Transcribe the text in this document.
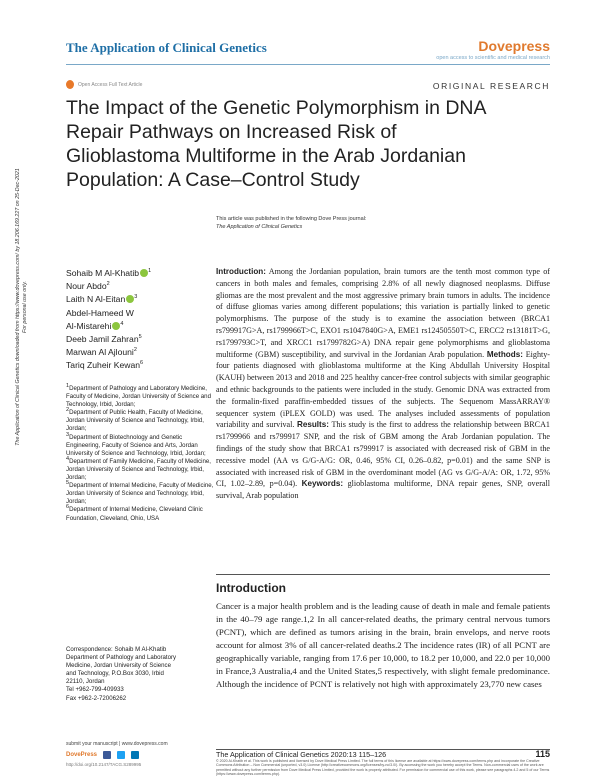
The Application of Clinical Genetics	Dovepress
open access to scientific and medical research
Open Access Full Text Article	ORIGINAL RESEARCH
The Impact of the Genetic Polymorphism in DNA Repair Pathways on Increased Risk of Glioblastoma Multiforme in the Arab Jordanian Population: A Case–Control Study
The Application of Clinical Genetics downloaded from https://www.dovepress.com/ by 18.206.169.227 on 25-Dec-2021 For personal use only.
This article was published in the following Dove Press journal:
The Application of Clinical Genetics
Sohaib M Al-Khatib $^1$
Nour Abdo$^2$
Laith N Al-Eitan $^3$
Abdel-Hameed W
Al-Mistarehi $^4$
Deeb Jamil Zahran$^5$
Marwan Al Ajlouni$^2$
Tariq Zuheir Kewan$^6$
$^1$Department of Pathology and Laboratory Medicine, Faculty of Medicine, Jordan University of Science and Technology, Irbid, Jordan;
$^2$Department of Public Health, Faculty of Medicine, Jordan University of Science and Technology, Irbid, Jordan;
$^3$Department of Biotechnology and Genetic Engineering, Faculty of Science and Arts, Jordan University of Science and Technology, Irbid, Jordan;
$^4$Department of Family Medicine, Faculty of Medicine, Jordan University of Science and Technology, Irbid, Jordan;
$^5$Department of Internal Medicine, Faculty of Medicine, Jordan University of Science and Technology, Irbid, Jordan;
$^6$Department of Internal Medicine, Cleveland Clinic Foundation, Cleveland, Ohio, USA
Correspondence: Sohaib M Al-Khatib
Department of Pathology and Laboratory
Medicine, Jordan University of Science
and Technology, P.O.Box 3030, Irbid
22110, Jordan
Tel +962-799-409933
Fax +962-2-72006262
Introduction: Among the Jordanian population, brain tumors are the tenth most common type of cancers in both males and females, comprising 2.8% of all newly diagnosed neoplasms. Diffuse gliomas are the most prevalent and the most aggressive primary brain tumors in adults. The incidence of diffuse gliomas varies among different populations; this variation is partially linked to genetic polymorphisms. The purpose of the study is to examine the association between (BRCA1 rs799917G>A, rs1799966T>C, EXO1 rs1047840G>A, EME1 rs12450550T>C, ERCC2 rs13181T>G, rs1799793C>T, and XRCC1 rs1799782G>A) DNA repair gene polymorphisms and glioblastoma multiforme (GBM) susceptibility, and survival in the Jordanian Arab population. Methods: Eighty-four patients diagnosed with glioblastoma multiforme at the King Abdullah University Hospital (KAUH) between 2013 and 2018 and 225 healthy cancer-free control subjects with similar geographic and ethnic backgrounds to the patients were included in the study. Genomic DNA was extracted from the formalin-fixed paraffin-embedded tissues of the subjects. The Sequenom MassARRAY® sequencer system (iPLEX GOLD) was used. The analyses included assessments of population variability and survival. Results: This study is the first to address the relationship between BRCA1 rs1799966 and rs799917 SNP, and the risk of GBM among the Arab Jordanian population. The findings of the study show that BRCA1 rs799917 is associated with decreased risk of GBM in the recessive model (AA vs G/G-A/G: OR, 0.46, 95% CI, 0.26–0.82, p=0.01) and the same SNP is associated with increased risk of GBM in the overdominant model (AG vs G/G-A/A: OR, 1.72, 95% CI, 1.02–2.89, p=0.04). Keywords: glioblastoma multiforme, DNA repair genes, SNP, overall survival, Arab population
Introduction
Cancer is a major health problem and is the leading cause of death in male and female patients in the 40–79 age range.1,2 In all cancer-related deaths, the primary central nervous tumors (PCNT), which are defined as tumors arising in the brain, brain envelops, and nerve roots account for almost 3% of all cancer-related deaths.2 The incidence rates (IR) of all PCNT are geographically variable, ranging from 17.6 per 10,000, to 18.2 per 10,000, and 22.0 per 10,000 in France,3 Australia,4 and the United States,5 respectively, with slight female predominance. Although the incidence of PCNT is relatively not high with approximately 23,770 new cases
submit your manuscript | www.dovepress.com
DovePress
http://doi.org/10.2147/TACG.S289995
The Application of Clinical Genetics 2020:13 115–126	115
© 2020 Al-Khatib et al. This work is published and licensed by Dove Medical Press Limited. The full terms of this license are available at https://www.dovepress.com/terms.php and incorporate the Creative Commons Attribution – Non Commercial (unported, v3.0) License (http://creativecommons.org/licenses/by-nc/3.0/). By accessing the work you hereby accept the Terms. Non-commercial uses of the work are permitted without any further permission from Dove Medical Press Limited, provided the work is properly attributed. For permission for commercial use of this work, please see paragraphs 4.2 and 5 of our Terms (https://www.dovepress.com/terms.php).
